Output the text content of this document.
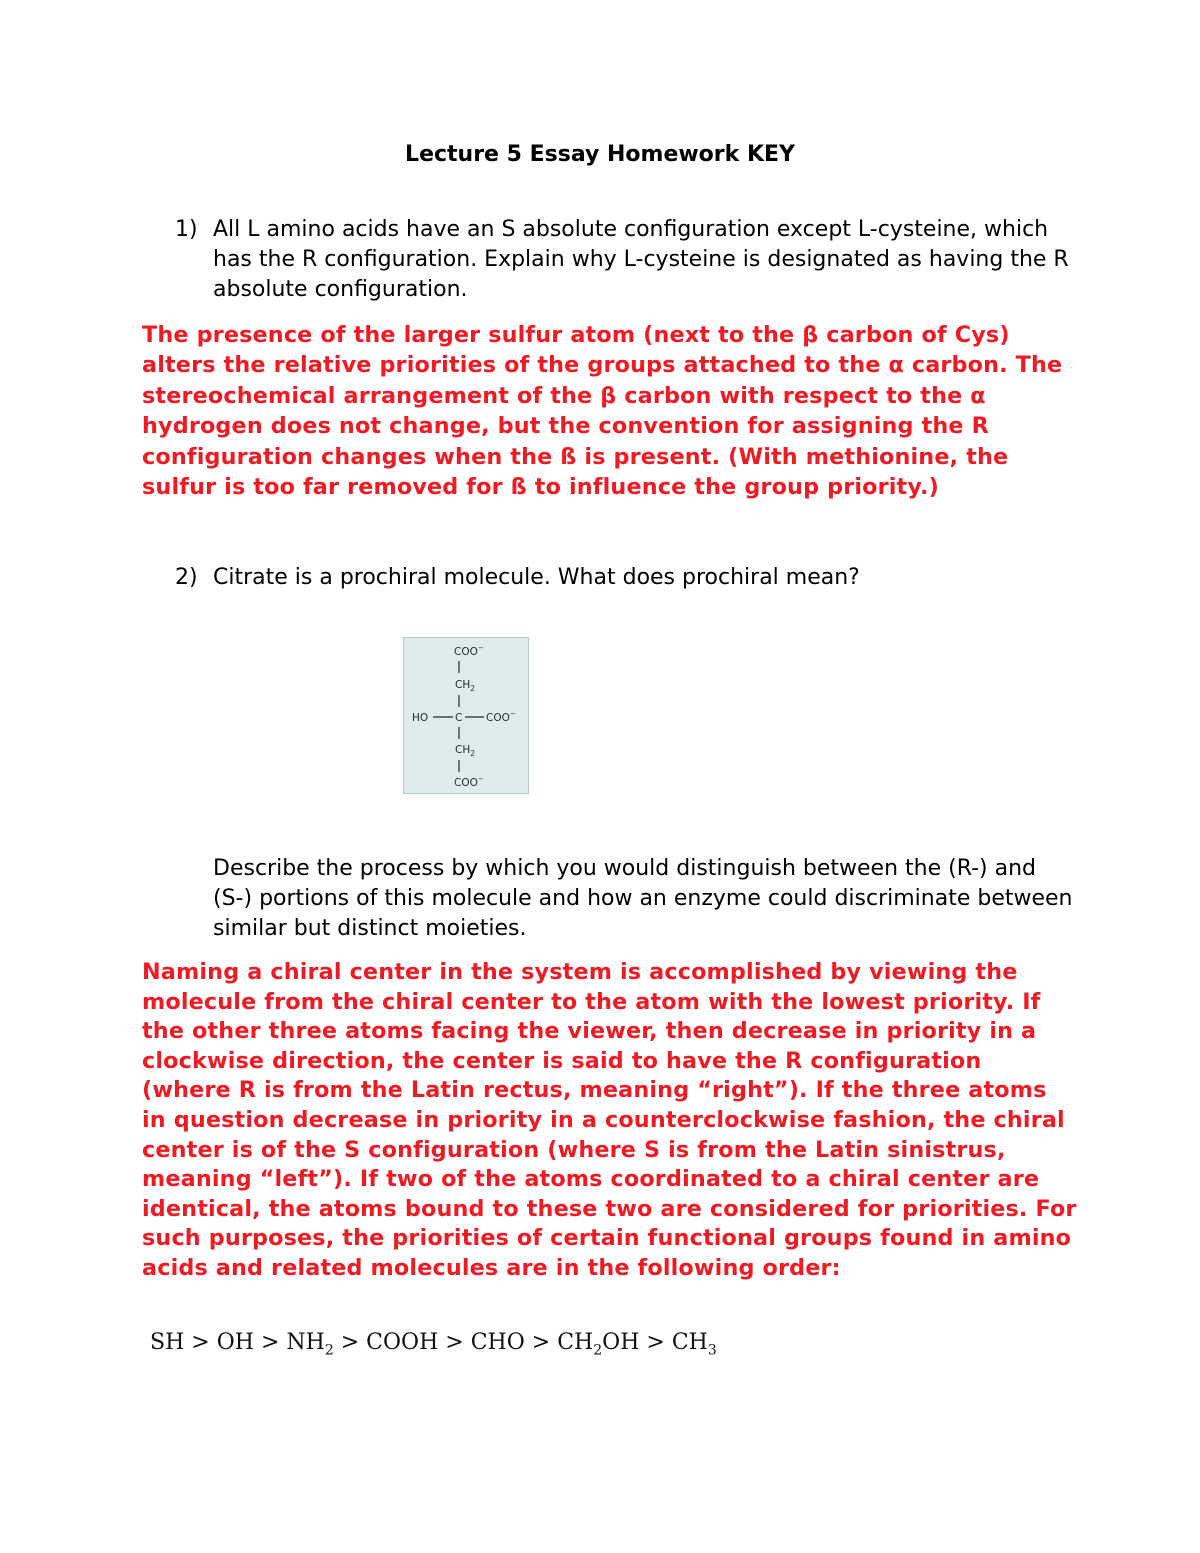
Lecture 5 Essay Homework KEY
1) All L amino acids have an S absolute configuration except L-cysteine, which has the R configuration. Explain why L-cysteine is designated as having the R absolute configuration.
The presence of the larger sulfur atom (next to the β carbon of Cys) alters the relative priorities of the groups attached to the α carbon. The stereochemical arrangement of the β carbon with respect to the α hydrogen does not change, but the convention for assigning the R configuration changes when the ß is present. (With methionine, the sulfur is too far removed for ß to influence the group priority.)
2) Citrate is a prochiral molecule. What does prochiral mean?
COO−
$CH_2$
HO	C COO−
$CH_2$
COO−
Describe the process by which you would distinguish between the (R-) and (S-) portions of this molecule and how an enzyme could discriminate between similar but distinct moieties.
Naming a chiral center in the system is accomplished by viewing the molecule from the chiral center to the atom with the lowest priority. If the other three atoms facing the viewer, then decrease in priority in a clockwise direction, the center is said to have the R configuration (where R is from the Latin rectus, meaning “right”). If the three atoms in question decrease in priority in a counterclockwise fashion, the chiral center is of the S configuration (where S is from the Latin sinistrus, meaning “left”). If two of the atoms coordinated to a chiral center are identical, the atoms bound to these two are considered for priorities. For such purposes, the priorities of certain functional groups found in amino acids and related molecules are in the following order:
SH > OH > $NH_2$ > COOH > CHO > $CH_2OH > CH_3$
